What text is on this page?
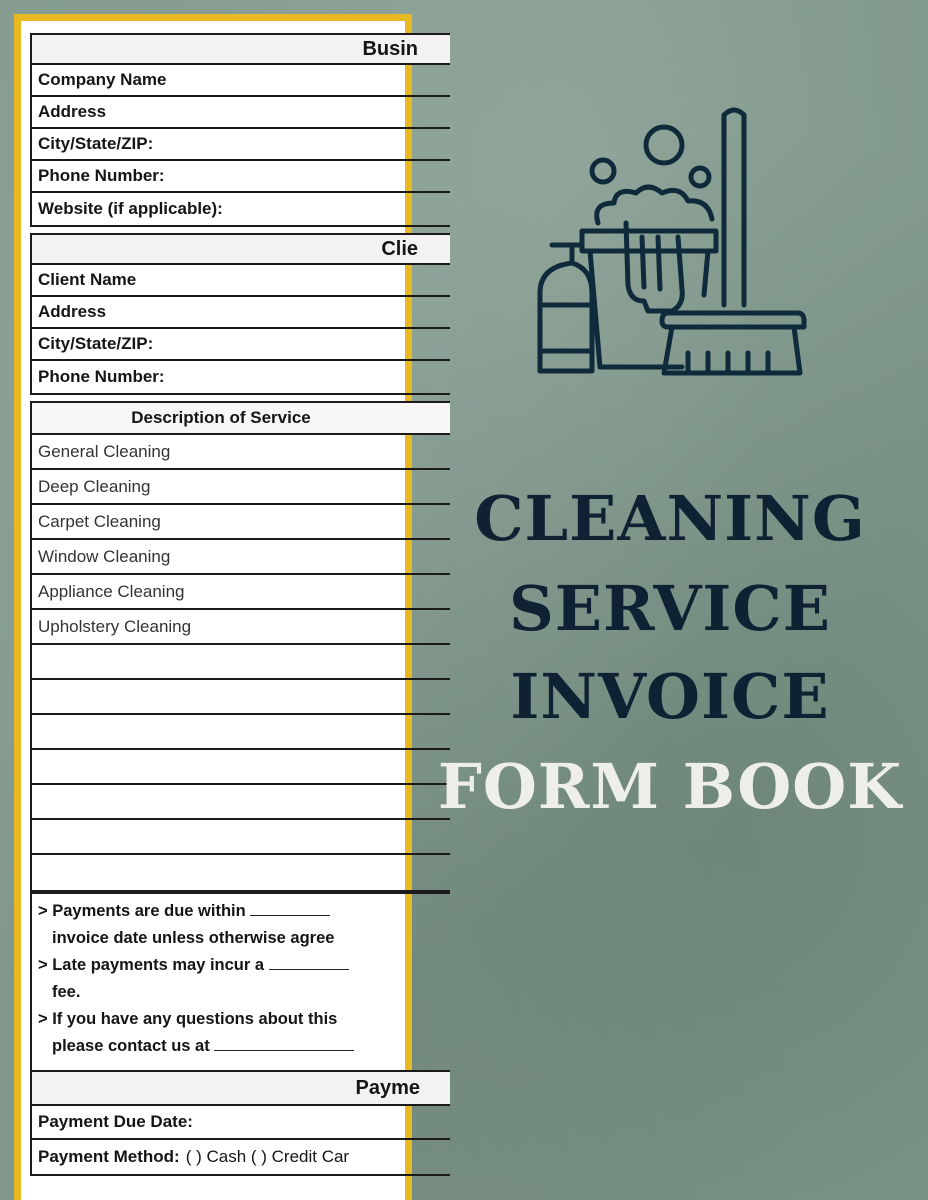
Busin
Company Name
Address
City/State/ZIP:
Phone Number:
Website (if applicable):
Clie
Client Name
Address
City/State/ZIP:
Phone Number:
Description of Service
General Cleaning
Deep Cleaning
Carpet Cleaning
Window Cleaning
Appliance Cleaning
Upholstery Cleaning
> Payments are due within
invoice date unless otherwise agree
> Late payments may incur a
fee.
> If you have any questions about this
please contact us at
Payme
Payment Due Date:
Payment Method: ( ) Cash ( ) Credit Car
CLEANING
SERVICE
INVOICE
FORM BOOK
